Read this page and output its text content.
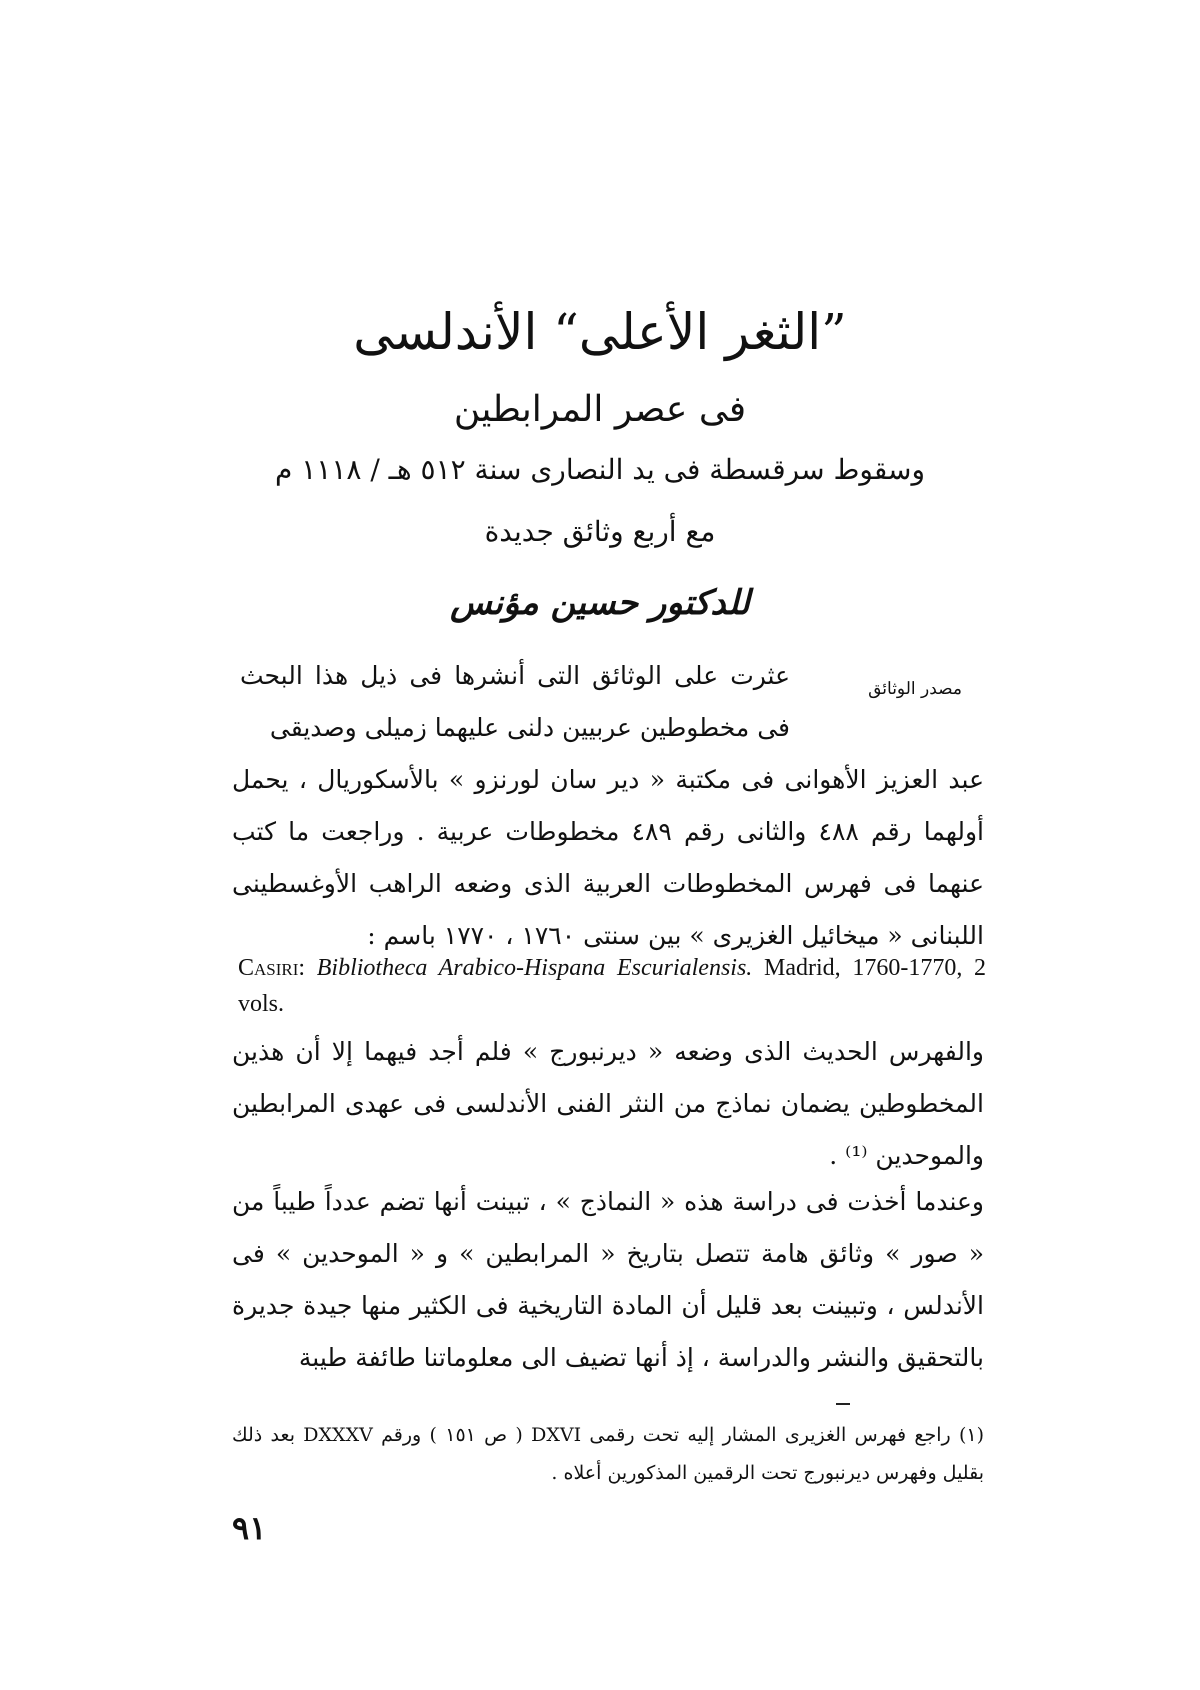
”الثغر الأعلى“ الأندلسى
فى عصر المرابطين
وسقوط سرقسطة فى يد النصارى سنة ٥١٢ هـ / ١١١٨ م
مع أربع وثائق جديدة
للدكتور حسين مؤنس
مصدر الوثائق
عثرت على الوثائق التى أنشرها فى ذيل هذا البحث فى مخطوطين عربيين دلنى عليهما زميلى وصديقى
عبد العزيز الأهوانى فى مكتبة « دير سان لورنزو » بالأسكوريال ، يحمل أولهما رقم ٤٨٨ والثانى رقم ٤٨٩ مخطوطات عربية . وراجعت ما كتب عنهما فى فهرس المخطوطات العربية الذى وضعه الراهب الأوغسطينى اللبنانى « ميخائيل الغزيرى » بين سنتى ١٧٦٠ ، ١٧٧٠ باسم :
Casiri: Bibliotheca Arabico-Hispana Escurialensis. Madrid, 1760-1770, 2 vols.
والفهرس الحديث الذى وضعه « ديرنبورج » فلم أجد فيهما إلا أن هذين المخطوطين يضمان نماذج من النثر الفنى الأندلسى فى عهدى المرابطين والموحدين ⁽¹⁾ .
وعندما أخذت فى دراسة هذه « النماذج » ، تبينت أنها تضم عدداً طيباً من « صور » وثائق هامة تتصل بتاريخ « المرابطين » و « الموحدين » فى الأندلس ، وتبينت بعد قليل أن المادة التاريخية فى الكثير منها جيدة جديرة بالتحقيق والنشر والدراسة ، إذ أنها تضيف الى معلوماتنا طائفة طيبة
(١) راجع فهرس الغزيرى المشار إليه تحت رقمى DXVI ( ص ١٥١ ) ورقم DXXXV بعد ذلك بقليل وفهرس ديرنبورج تحت الرقمين المذكورين أعلاه .
٩١
